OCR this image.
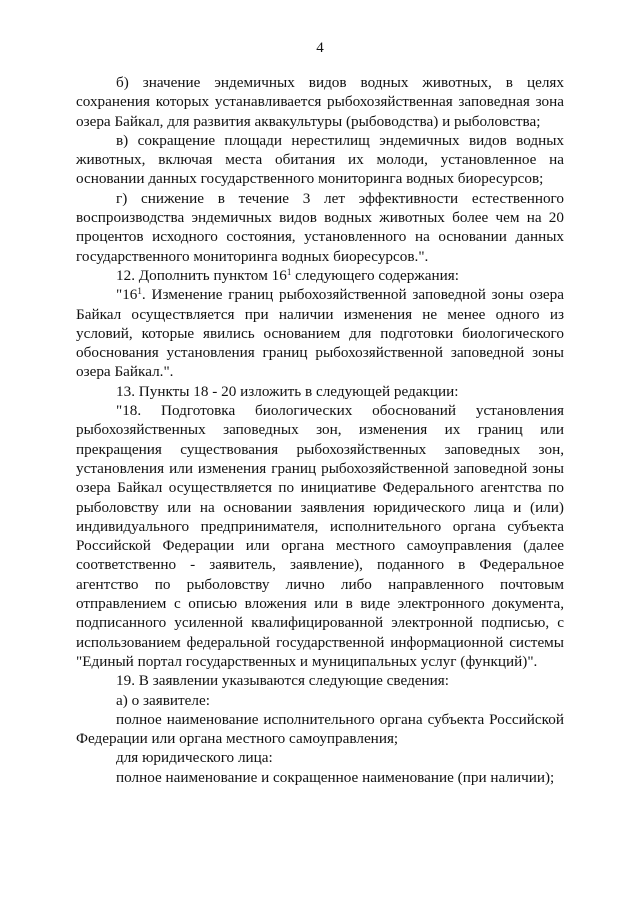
4

б) значение эндемичных видов водных животных, в целях сохранения которых устанавливается рыбохозяйственная заповедная зона озера Байкал, для развития аквакультуры (рыбоводства) и рыболовства;

в) сокращение площади нерестилищ эндемичных видов водных животных, включая места обитания их молоди, установленное на основании данных государственного мониторинга водных биоресурсов;

г) снижение в течение 3 лет эффективности естественного воспроизводства эндемичных видов водных животных более чем на 20 процентов исходного состояния, установленного на основании данных государственного мониторинга водных биоресурсов.".

12. Дополнить пунктом $16^1$ следующего содержания:

"$16^1$. Изменение границ рыбохозяйственной заповедной зоны озера Байкал осуществляется при наличии изменения не менее одного из условий, которые явились основанием для подготовки биологического обоснования установления границ рыбохозяйственной заповедной зоны озера Байкал.".

13. Пункты 18 - 20 изложить в следующей редакции:

"18. Подготовка биологических обоснований установления рыбохозяйственных заповедных зон, изменения их границ или прекращения существования рыбохозяйственных заповедных зон, установления или изменения границ рыбохозяйственной заповедной зоны озера Байкал осуществляется по инициативе Федерального агентства по рыболовству или на основании заявления юридического лица и (или) индивидуального предпринимателя, исполнительного органа субъекта Российской Федерации или органа местного самоуправления (далее соответственно - заявитель, заявление), поданного в Федеральное агентство по рыболовству лично либо направленного почтовым отправлением с описью вложения или в виде электронного документа, подписанного усиленной квалифицированной электронной подписью, с использованием федеральной государственной информационной системы "Единый портал государственных и муниципальных услуг (функций)".

19. В заявлении указываются следующие сведения:

а) о заявителе:

полное наименование исполнительного органа субъекта Российской Федерации или органа местного самоуправления;

для юридического лица:

полное наименование и сокращенное наименование (при наличии);
